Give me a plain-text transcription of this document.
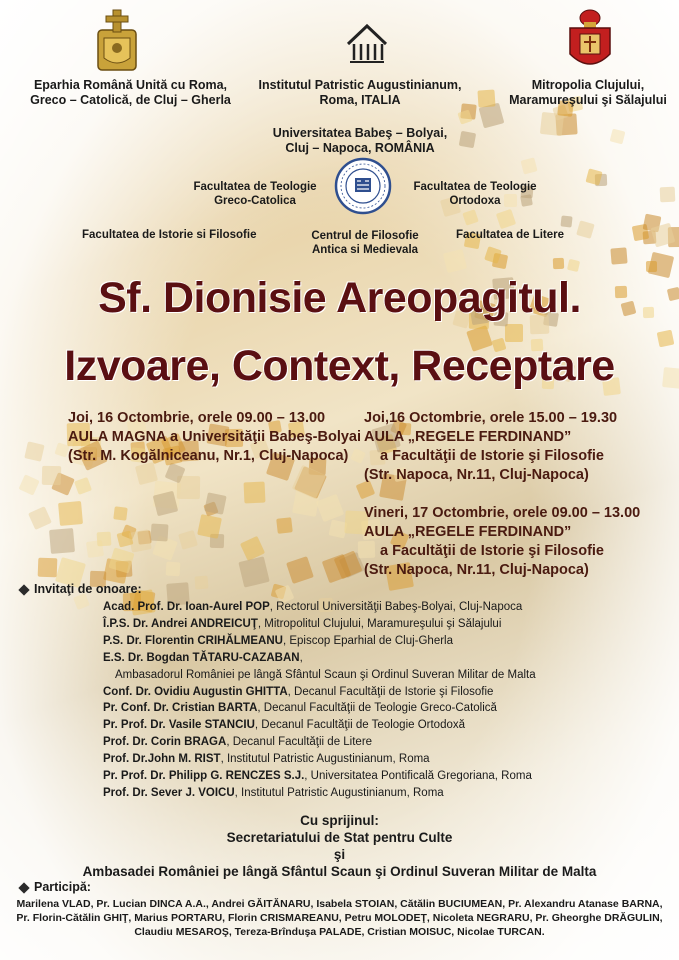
Eparhia Română Unită cu Roma,
Greco – Catolică, de Cluj – Gherla
Institutul Patristic Augustinianum,
Roma, ITALIA
Mitropolia Clujului,
Maramureşului şi Sălajului
Universitatea Babeş – Bolyai,
Cluj – Napoca, ROMÂNIA
Facultatea de Teologie
Greco-Catolica
Facultatea de Teologie
Ortodoxa
Facultatea de Istorie si Filosofie	Centrul de Filosofie
Antica si Medievala
Facultatea de Litere
Sf. Dionisie Areopagitul.
Izvoare, Context, Receptare
Joi, 16 Octombrie, orele 09.00 – 13.00
AULA MAGNA a Universităţii Babeş-Bolyai
(Str. M. Kogălniceanu, Nr.1, Cluj-Napoca)
Joi,16 Octombrie, orele 15.00 – 19.30
AULA „REGELE FERDINAND”
a Facultăţii de Istorie şi Filosofie
(Str. Napoca, Nr.11, Cluj-Napoca)
Vineri, 17 Octombrie, orele 09.00 – 13.00
AULA „REGELE FERDINAND”
a Facultăţii de Istorie şi Filosofie
(Str. Napoca, Nr.11, Cluj-Napoca)
Invitaţi de onoare:
Acad. Prof. Dr. Ioan-Aurel POP, Rectorul Universităţii Babeş-Bolyai, Cluj-Napoca
Î.P.S. Dr. Andrei ANDREICUŢ, Mitropolitul Clujului, Maramureşului şi Sălajului
P.S. Dr. Florentin CRIHĂLMEANU, Episcop Eparhial de Cluj-Gherla
E.S. Dr. Bogdan TĂTARU-CAZABAN,
Ambasadorul României pe lângă Sfântul Scaun şi Ordinul Suveran Militar de Malta
Conf. Dr. Ovidiu Augustin GHITTA, Decanul Facultăţii de Istorie şi Filosofie
Pr. Conf. Dr. Cristian BARTA, Decanul Facultăţii de Teologie Greco-Catolică
Pr. Prof. Dr. Vasile STANCIU, Decanul Facultăţii de Teologie Ortodoxă
Prof. Dr. Corin BRAGA, Decanul Facultăţii de Litere
Prof. Dr.John M. RIST, Institutul Patristic Augustinianum, Roma
Pr. Prof. Dr. Philipp G. RENCZES S.J., Universitatea Pontificală Gregoriana, Roma
Prof. Dr. Sever J. VOICU, Institutul Patristic Augustinianum, Roma
Cu sprijinul:
Secretariatului de Stat pentru Culte
şi
Ambasadei României pe lângă Sfântul Scaun şi Ordinul Suveran Militar de Malta
Participă:
Marilena VLAD, Pr. Lucian DINCA A.A., Andrei GĂITĂNARU, Isabela STOIAN, Cătălin BUCIUMEAN, Pr. Alexandru Atanase BARNA,
Pr. Florin-Cătălin GHIŢ, Marius PORTARU, Florin CRISMAREANU, Petru MOLODEŢ, Nicoleta NEGRARU, Pr. Gheorghe DRĂGULIN,
Claudiu MESAROŞ, Tereza-Brînduşa PALADE, Cristian MOISUC, Nicolae TURCAN.
